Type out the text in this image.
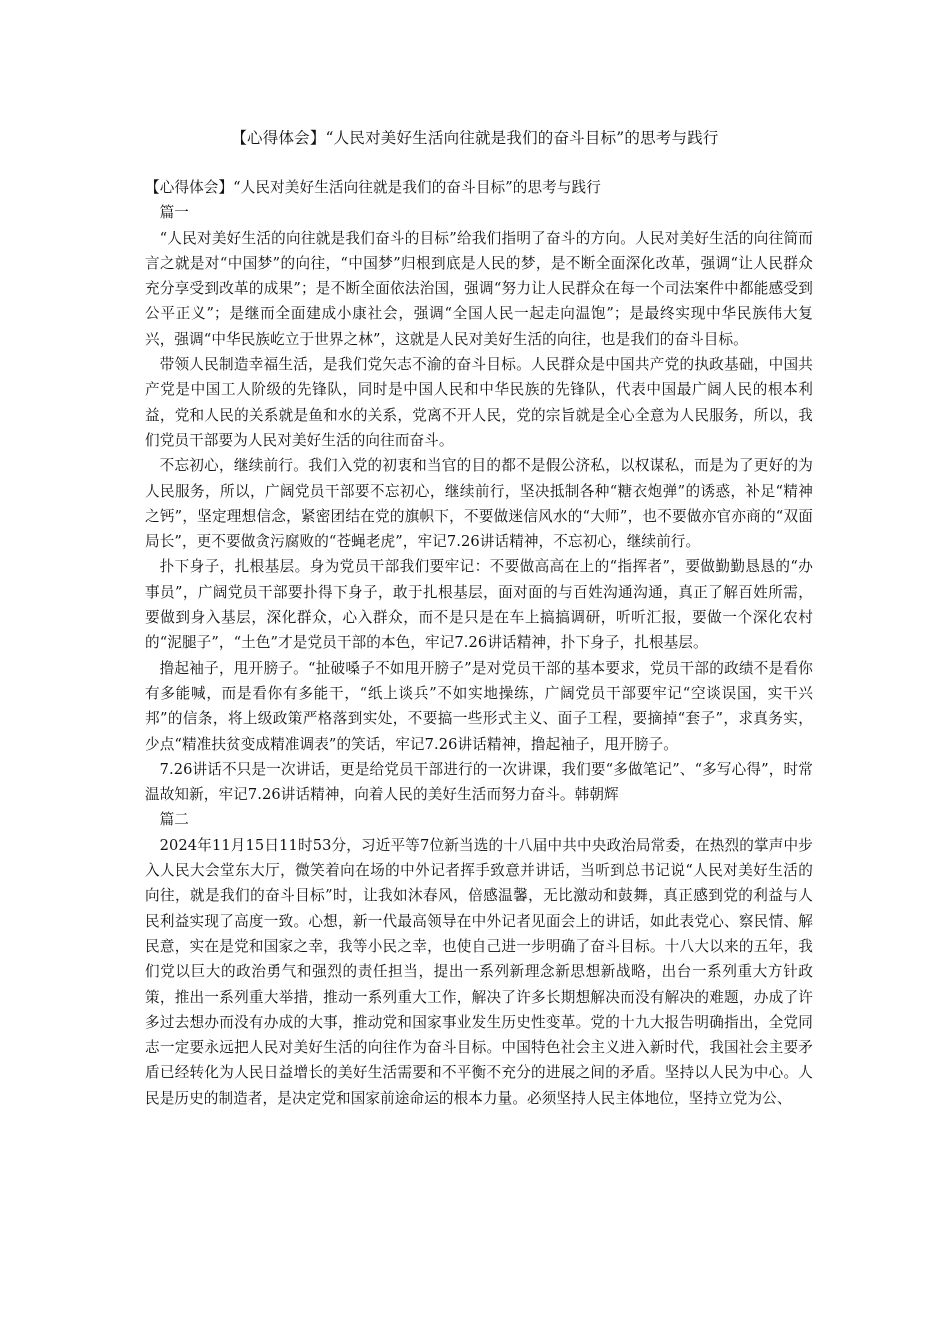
【心得体会】“人民对美好生活向往就是我们的奋斗目标”的思考与践行

【心得体会】“人民对美好生活向往就是我们的奋斗目标”的思考与践行

篇一

“人民对美好生活的向往就是我们奋斗的目标”给我们指明了奋斗的方向。人民对美好生活的向往简而言之就是对“中国梦”的向往，“中国梦”归根到底是人民的梦，是不断全面深化改革，强调“让人民群众充分享受到改革的成果”；是不断全面依法治国，强调“努力让人民群众在每一个司法案件中都能感受到公平正义”；是继而全面建成小康社会，强调“全国人民一起走向温饱”；是最终实现中华民族伟大复兴，强调“中华民族屹立于世界之林”，这就是人民对美好生活的向往，也是我们的奋斗目标。

带领人民制造幸福生活，是我们党矢志不渝的奋斗目标。人民群众是中国共产党的执政基础，中国共产党是中国工人阶级的先锋队，同时是中国人民和中华民族的先锋队，代表中国最广阔人民的根本利益，党和人民的关系就是鱼和水的关系，党离不开人民，党的宗旨就是全心全意为人民服务，所以，我们党员干部要为人民对美好生活的向往而奋斗。

不忘初心，继续前行。我们入党的初衷和当官的目的都不是假公济私，以权谋私，而是为了更好的为人民服务，所以，广阔党员干部要不忘初心，继续前行，坚决抵制各种“糖衣炮弹”的诱惑，补足“精神之钙”，坚定理想信念，紧密团结在党的旗帜下，不要做迷信风水的“大师”，也不要做亦官亦商的“双面局长”，更不要做贪污腐败的“苍蝇老虎”，牢记7.26讲话精神，不忘初心，继续前行。

扑下身子，扎根基层。身为党员干部我们要牢记：不要做高高在上的“指挥者”，要做勤勤恳恳的“办事员”，广阔党员干部要扑得下身子，敢于扎根基层，面对面的与百姓沟通沟通，真正了解百姓所需，要做到身入基层，深化群众，心入群众，而不是只是在车上搞搞调研，听听汇报，要做一个深化农村的“泥腿子”，“土色”才是党员干部的本色，牢记7.26讲话精神，扑下身子，扎根基层。

撸起袖子，甩开膀子。“扯破嗓子不如甩开膀子”是对党员干部的基本要求，党员干部的政绩不是看你有多能喊，而是看你有多能干，“纸上谈兵”不如实地操练，广阔党员干部要牢记“空谈误国，实干兴邦”的信条，将上级政策严格落到实处，不要搞一些形式主义、面子工程，要摘掉“套子”，求真务实，少点“精准扶贫变成精准调表”的笑话，牢记7.26讲话精神，撸起袖子，甩开膀子。

7.26讲话不只是一次讲话，更是给党员干部进行的一次讲课，我们要“多做笔记”、“多写心得”，时常温故知新，牢记7.26讲话精神，向着人民的美好生活而努力奋斗。韩朝辉

篇二

2024年11月15日11时53分，习近平等7位新当选的十八届中共中央政治局常委，在热烈的掌声中步入人民大会堂东大厅，微笑着向在场的中外记者挥手致意并讲话，当听到总书记说“人民对美好生活的向往，就是我们的奋斗目标”时，让我如沐春风，倍感温馨，无比激动和鼓舞，真正感到党的利益与人民利益实现了高度一致。心想，新一代最高领导在中外记者见面会上的讲话，如此表党心、察民情、解民意，实在是党和国家之幸，我等小民之幸，也使自己进一步明确了奋斗目标。十八大以来的五年，我们党以巨大的政治勇气和强烈的责任担当，提出一系列新理念新思想新战略，出台一系列重大方针政策，推出一系列重大举措，推动一系列重大工作，解决了许多长期想解决而没有解决的难题，办成了许多过去想办而没有办成的大事，推动党和国家事业发生历史性变革。党的十九大报告明确指出，全党同志一定要永远把人民对美好生活的向往作为奋斗目标。中国特色社会主义进入新时代，我国社会主要矛盾已经转化为人民日益增长的美好生活需要和不平衡不充分的进展之间的矛盾。坚持以人民为中心。人民是历史的制造者，是决定党和国家前途命运的根本力量。必须坚持人民主体地位，坚持立党为公、
